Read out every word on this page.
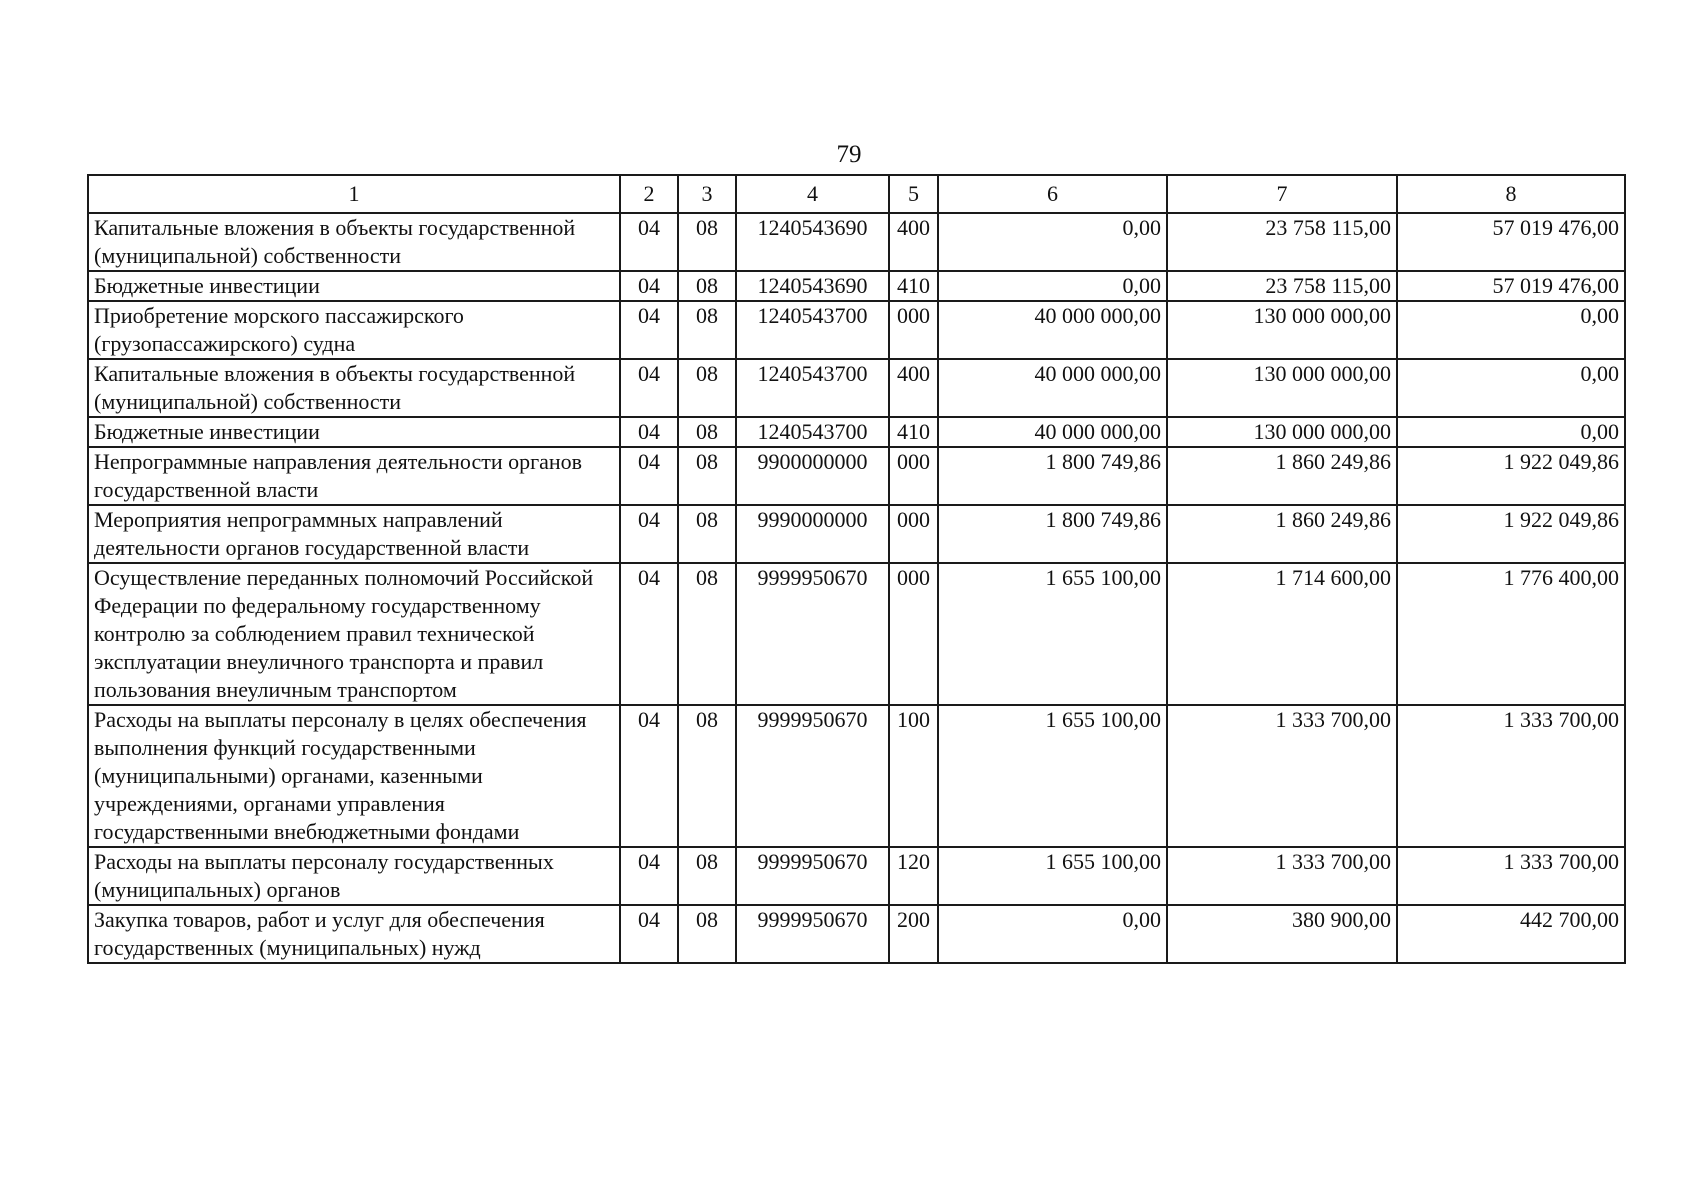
79
1	2	3	4	5	6	7	8
Капитальные вложения в объекты государственной (муниципальной) собственности	04	08	1240543690	400	0,00	23 758 115,00	57 019 476,00
Бюджетные инвестиции	04	08	1240543690	410	0,00	23 758 115,00	57 019 476,00
Приобретение морского пассажирского (грузопассажирского) судна	04	08	1240543700	000	40 000 000,00	130 000 000,00	0,00
Капитальные вложения в объекты государственной (муниципальной) собственности	04	08	1240543700	400	40 000 000,00	130 000 000,00	0,00
Бюджетные инвестиции	04	08	1240543700	410	40 000 000,00	130 000 000,00	0,00
Непрограммные направления деятельности органов государственной власти	04	08	9900000000	000	1 800 749,86	1 860 249,86	1 922 049,86
Мероприятия непрограммных направлений деятельности органов государственной власти	04	08	9990000000	000	1 800 749,86	1 860 249,86	1 922 049,86
Осуществление переданных полномочий Российской Федерации по федеральному государственному контролю за соблюдением правил технической эксплуатации внеуличного транспорта и правил пользования внеуличным транспортом	04	08	9999950670	000	1 655 100,00	1 714 600,00	1 776 400,00
Расходы на выплаты персоналу в целях обеспечения выполнения функций государственными (муниципальными) органами, казенными учреждениями, органами управления государственными внебюджетными фондами	04	08	9999950670	100	1 655 100,00	1 333 700,00	1 333 700,00
Расходы на выплаты персоналу государственных (муниципальных) органов	04	08	9999950670	120	1 655 100,00	1 333 700,00	1 333 700,00
Закупка товаров, работ и услуг для обеспечения государственных (муниципальных) нужд	04	08	9999950670	200	0,00	380 900,00	442 700,00
